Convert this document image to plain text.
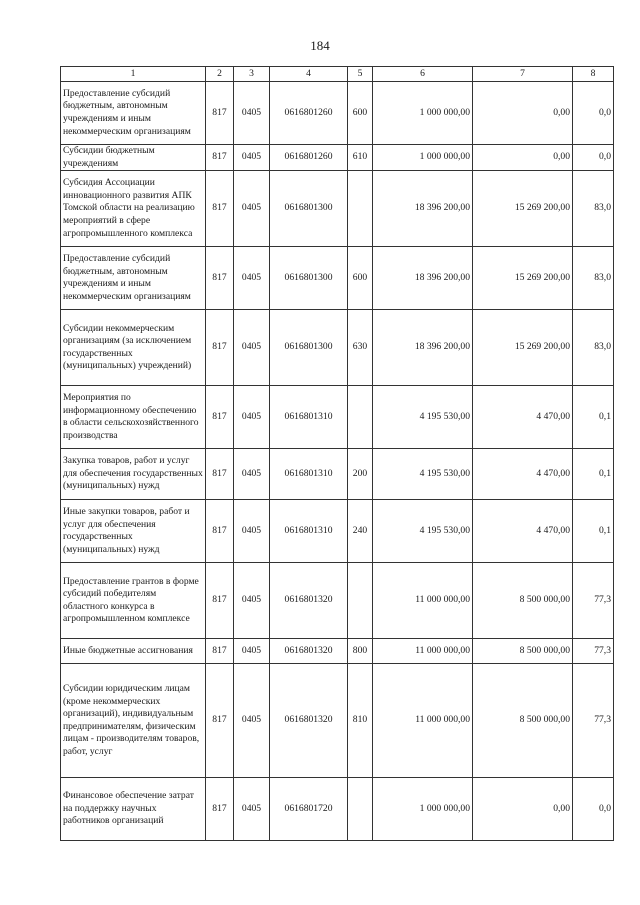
184
1	2	3	4	5	6	7	8
Предоставление субсидий бюджетным, автономным учреждениям и иным некоммерческим организациям	817	0405	0616801260	600	1 000 000,00	0,00	0,0
Субсидии бюджетным учреждениям	817	0405	0616801260	610	1 000 000,00	0,00	0,0
Субсидия Ассоциации инновационного развития АПК Томской области на реализацию мероприятий в сфере агропромышленного комплекса	817	0405	0616801300		18 396 200,00	15 269 200,00	83,0
Предоставление субсидий бюджетным, автономным учреждениям и иным некоммерческим организациям	817	0405	0616801300	600	18 396 200,00	15 269 200,00	83,0
Субсидии некоммерческим организациям (за исключением государственных (муниципальных) учреждений)	817	0405	0616801300	630	18 396 200,00	15 269 200,00	83,0
Мероприятия по информационному обеспечению в области сельскохозяйственного производства	817	0405	0616801310		4 195 530,00	4 470,00	0,1
Закупка товаров, работ и услуг для обеспечения государственных (муниципальных) нужд	817	0405	0616801310	200	4 195 530,00	4 470,00	0,1
Иные закупки товаров, работ и услуг для обеспечения государственных (муниципальных) нужд	817	0405	0616801310	240	4 195 530,00	4 470,00	0,1
Предоставление грантов в форме субсидий победителям областного конкурса в агропромышленном комплексе	817	0405	0616801320		11 000 000,00	8 500 000,00	77,3
Иные бюджетные ассигнования	817	0405	0616801320	800	11 000 000,00	8 500 000,00	77,3
Субсидии юридическим лицам (кроме некоммерческих организаций), индивидуальным предпринимателям, физическим лицам - производителям товаров, работ, услуг	817	0405	0616801320	810	11 000 000,00	8 500 000,00	77,3
Финансовое обеспечение затрат на поддержку научных работников организаций	817	0405	0616801720		1 000 000,00	0,00	0,0
